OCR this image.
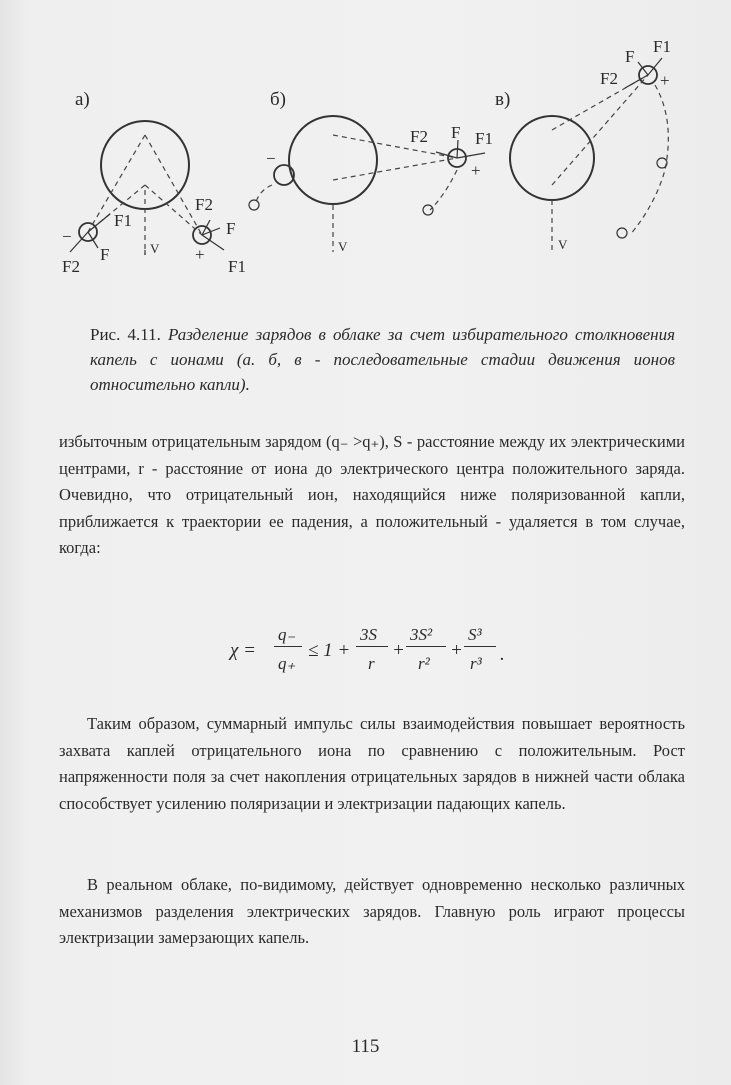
а)	б)	в)
F1
F2
F
−
V
F2
F
F1
+
F2 F F1
+
−
V
F
F1
F2 +
V
Рис. 4.11. Разделение зарядов в облаке за счет избирательного столкновения капель с ионами (а. б, в - последовательные стадии движения ионов относительно капли).
избыточным отрицательным зарядом (q₋ >q₊), S - расстояние между их электрическими центрами, r - расстояние от иона до электрического центра положительного заряда. Очевидно, что отрицательный ион, находящийся ниже поляризованной капли, приближается к траектории ее падения, а положительный - удаляется в том случае, когда:
χ =
q₋
q₊
≤ 1 +
3S
r
+
3S²
r²
+
S³
r³ .
Таким образом, суммарный импульс силы взаимодействия повышает вероятность захвата каплей отрицательного иона по сравнению с положительным. Рост напряженности поля за счет накопления отрицательных зарядов в нижней части облака способствует усилению поляризации и электризации падающих капель.
В реальном облаке, по-видимому, действует одновременно несколько различных механизмов разделения электрических зарядов. Главную роль играют процессы электризации замерзающих капель.
115
